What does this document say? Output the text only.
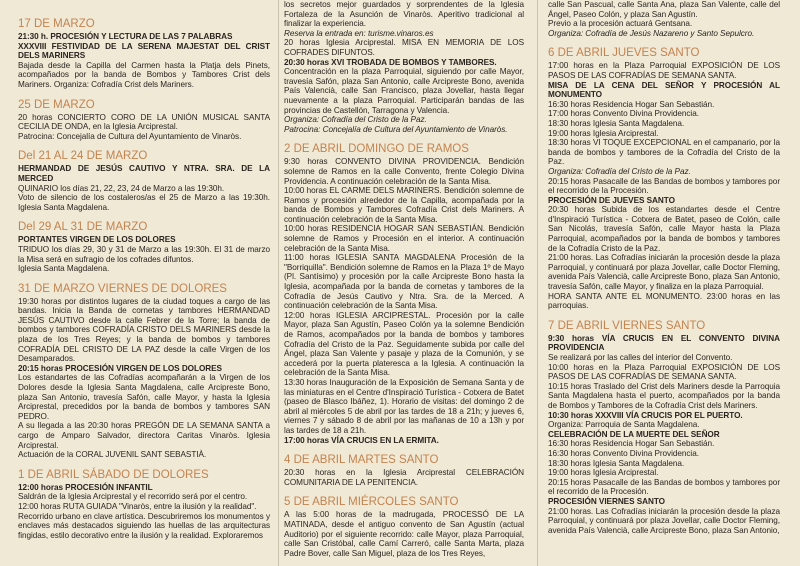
17 DE MARZO

21:30 h. PROCESIÓN Y LECTURA DE LAS 7 PALABRAS

XXXVIII FESTIVIDAD DE LA SERENA MAJESTAT DEL CRIST DELS MARINERS

Bajada desde la Capilla del Carmen hasta la Platja dels Pinets, acompañados por la banda de Bombos y Tambores Crist dels Mariners. Organiza: Cofradía Crist dels Mariners.

25 DE MARZO

20 horas CONCIERTO CORO DE LA UNIÓN MUSICAL SANTA CECILIA DE ONDA, en la Iglesia Arciprestal.

Patrocina: Concejalía de Cultura del Ayuntamiento de Vinaròs.

Del 21 AL 24 DE MARZO

HERMANDAD DE JESÚS CAUTIVO Y NTRA. SRA. DE LA MERCED

QUINARIO los días 21, 22, 23, 24 de Marzo a las 19:30h.

Voto de silencio de los costaleros/as el 25 de Marzo a las 19:30h. Iglesia Santa Magdalena.

Del 29 AL 31 DE MARZO

PORTANTES VIRGEN DE LOS DOLORES

TRIDUO los días 29, 30 y 31 de Marzo a las 19:30h. El 31 de marzo la Misa será en sufragio de los cofrades difuntos.

Iglesia Santa Magdalena.

31 DE MARZO VIERNES DE DOLORES

19:30 horas por distintos lugares de la ciudad toques a cargo de las bandas. Inicia la Banda de cornetas y tambores HERMANDAD JESÚS CAUTIVO desde la calle Febrer de la Torre; la banda de bombos y tambores COFRADÍA CRISTO DELS MARINERS desde la plaza de los Tres Reyes; y la banda de bombos y tambores COFRADÍA DEL CRISTO DE LA PAZ desde la calle Virgen de los Desamparados.

20:15 horas PROCESIÓN VIRGEN DE LOS DOLORES

Los estandartes de las Cofradías acompañarán a la Virgen de los Dolores desde la Iglesia Santa Magdalena, calle Arcipreste Bono, plaza San Antonio, travesía Safón, calle Mayor, y hasta la Iglesia Arciprestal, precedidos por la banda de bombos y tambores SAN PEDRO.

A su llegada a las 20:30 horas PREGÓN DE LA SEMANA SANTA a cargo de Amparo Salvador, directora Caritas Vinaròs. Iglesia Arciprestal.

Actuación de la CORAL JUVENIL SANT SEBASTIÀ.

1 DE ABRIL SÁBADO DE DOLORES

12:00 horas PROCESIÓN INFANTIL

Saldrán de la Iglesia Arciprestal y el recorrido será por el centro.

12:00 horas RUTA GUIADA "Vinaròs, entre la ilusión y la realidad".

Recorrido urbano en clave artística. Descubriremos los monumentos y enclaves más destacados siguiendo las huellas de las arquitecturas fingidas, estilo decorativo entre la ilusión y la realidad. Exploraremos

los secretos mejor guardados y sorprendentes de la Iglesia Fortaleza de la Asunción de Vinaròs. Aperitivo tradicional al finalizar la experiencia.

Reserva la entrada en: turisme.vinaros.es

20 horas Iglesia Arciprestal. MISA EN MEMORIA DE LOS COFRADES DIFUNTOS.

20:30 horas XVI TROBADA DE BOMBOS Y TAMBORES.

Concentración en la plaza Parroquial, siguiendo por calle Mayor, travesía Safón, plaza San Antonio, calle Arcipreste Bono, avenida País Valencià, calle San Francisco, plaza Jovellar, hasta llegar nuevamente a la plaza Parroquial. Participarán bandas de las provincias de Castellón, Tarragona y Valencia.

Organiza: Cofradía del Cristo de la Paz.

Patrocina: Concejalía de Cultura del Ayuntamiento de Vinaròs.

2 DE ABRIL DOMINGO DE RAMOS

9:30 horas CONVENTO DIVINA PROVIDENCIA. Bendición solemne de Ramos en la calle Convento, frente Colegio Divina Providencia. A continuación celebración de la Santa Misa.

10:00 horas EL CARME DELS MARINERS. Bendición solemne de Ramos y procesión alrededor de la Capilla, acompañada por la banda de Bombos y Tambores Cofradía Crist dels Mariners. A continuación celebración de la Santa Misa.

10:00 horas RESIDENCIA HOGAR SAN SEBASTIÁN. Bendición solemne de Ramos y Procesión en el interior. A continuación celebración de la Santa Misa.

11:00 horas IGLESIA SANTA MAGDALENA Procesión de la "Borriquilla". Bendición solemne de Ramos en la Plaza 1º de Mayo (Pl. Santísimo) y procesión por la calle Arcipreste Bono hasta la Iglesia, acompañada por la banda de cornetas y tambores de la Cofradía de Jesús Cautivo y Ntra. Sra. de la Merced. A continuación celebración de la Santa Misa.

12:00 horas IGLESIA ARCIPRESTAL. Procesión por la calle Mayor, plaza San Agustín, Paseo Colón ya la solemne Bendición de Ramos, acompañados por la banda de bombos y tambores Cofradía del Cristo de la Paz. Seguidamente subida por calle del Ángel, plaza San Valente y pasaje y plaza de la Comunión, y se accederá por la puerta plateresca a la Iglesia. A continuación la celebración de la Santa Misa.

13:30 horas Inauguración de la Exposición de Semana Santa y de las miniaturas en el Centre d'Inspiració Turística - Cotxera de Batet (paseo de Blasco Ibáñez, 1). Horario de visitas: del domingo 2 de abril al miércoles 5 de abril por las tardes de 18 a 21h; y jueves 6, viernes 7 y sábado 8 de abril por las mañanas de 10 a 13h y por las tardes de 18 a 21h.

17:00 horas VÍA CRUCIS EN LA ERMITA.

4 DE ABRIL MARTES SANTO

20:30 horas en la Iglesia Arciprestal CELEBRACIÓN COMUNITARIA DE LA PENITENCIA.

5 DE ABRIL MIÉRCOLES SANTO

A las 5:00 horas de la madrugada, PROCESSÓ DE LA MATINADA, desde el antiguo convento de San Agustín (actual Auditorio) por el siguiente recorrido: calle Mayor, plaza Parroquial, calle San Cristóbal, calle Camí Carreró, calle Santa Marta, plaza Padre Bover, calle San Miguel, plaza de los Tres Reyes,

calle San Pascual, calle Santa Ana, plaza San Valente, calle del Ángel, Paseo Colón, y plaza San Agustín.

Previo a la procesión actuará Gentsana.

Organiza: Cofradía de Jesús Nazareno y Santo Sepulcro.

6 DE ABRIL JUEVES SANTO

17:00 horas en la Plaza Parroquial EXPOSICIÓN DE LOS PASOS DE LAS COFRADÍAS DE SEMANA SANTA.

MISA DE LA CENA DEL SEÑOR Y PROCESIÓN AL MONUMENTO

16:30 horas Residencia Hogar San Sebastián.

17:00 horas Convento Divina Providencia.

18:30 horas Iglesia Santa Magdalena.

19:00 horas Iglesia Arciprestal.

18:30 horas VI TOQUE EXCEPCIONAL en el campanario, por la banda de bombos y tambores de la Cofradía del Cristo de la Paz.

Organiza: Cofradía del Cristo de la Paz.

20:15 horas Pasacalle de las Bandas de bombos y tambores por el recorrido de la Procesión.

PROCESIÓN DE JUEVES SANTO

20:30 horas Subida de los estandartes desde el Centre d'Inspiració Turística - Cotxera de Batet, paseo de Colón, calle San Nicolás, travesía Safón, calle Mayor hasta la Plaza Parroquial, acompañados por la banda de bombos y tambores de la Cofradía Cristo de la Paz.

21:00 horas. Las Cofradías iniciarán la procesión desde la plaza Parroquial, y continuará por plaza Jovellar, calle Doctor Fleming, avenida País Valencià, calle Arcipreste Bono, plaza San Antonio, travesía Safón, calle Mayor, y finaliza en la plaza Parroquial.

HORA SANTA ANTE EL MONUMENTO. 23:00 horas en las parroquias.

7 DE ABRIL VIERNES SANTO

9:30 horas VÍA CRUCIS EN EL CONVENTO DIVINA PROVIDENCIA

Se realizará por las calles del interior del Convento.

10:00 horas en la Plaza Parroquial EXPOSICIÓN DE LOS PASOS DE LAS COFRADÍAS DE SEMANA SANTA.

10:15 horas Traslado del Crist dels Mariners desde la Parroquia Santa Magdalena hasta el puerto, acompañados por la banda de Bombos y Tambores de la Cofradía Crist dels Mariners.

10:30 horas XXXVIII VÍA CRUCIS POR EL PUERTO.

Organiza: Parroquia de Santa Magdalena.

CELEBRACIÓN DE LA MUERTE DEL SEÑOR

16:30 horas Residencia Hogar San Sebastián.

16:30 horas Convento Divina Providencia.

18:30 horas Iglesia Santa Magdalena.

19:00 horas Iglesia Arciprestal.

20:15 horas Pasacalle de las Bandas de bombos y tambores por el recorrido de la Procesión.

PROCESIÓN VIERNES SANTO

21:00 horas. Las Cofradías iniciarán la procesión desde la plaza Parroquial, y continuará por plaza Jovellar, calle Doctor Fleming, avenida País Valencià, calle Arcipreste Bono, plaza San Antonio,
